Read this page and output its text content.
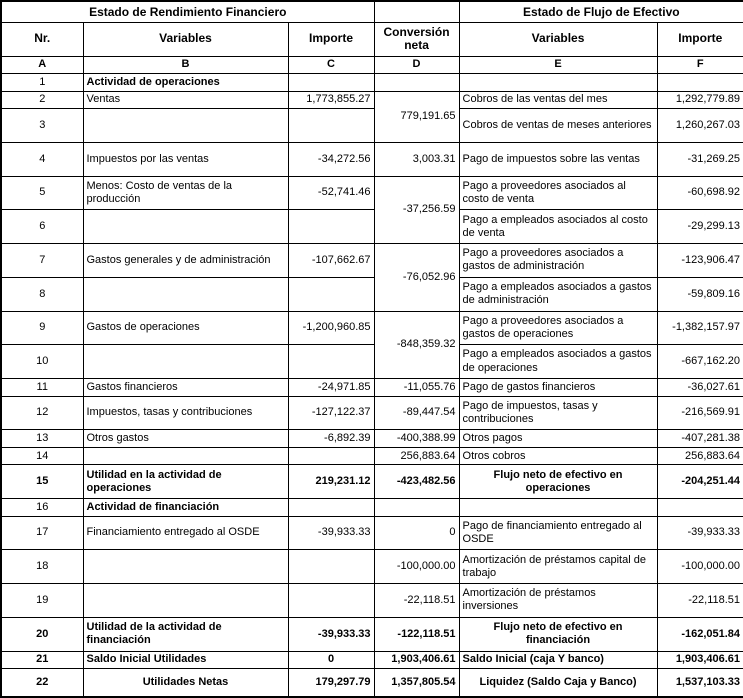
Estado de Rendimiento Financiero				Estado de Flujo de Efectivo	
Nr.	Variables	Importe	Conversión neta	Variables	Importe
A	B	C	D	E	F
1	Actividad de operaciones				
2	Ventas	1,773,855.27	779,191.65	Cobros de las ventas del mes	1,292,779.89
3				Cobros de ventas de meses anteriores	1,260,267.03
4	Impuestos por las ventas	-34,272.56	3,003.31	Pago de impuestos sobre las ventas	-31,269.25
5	Menos: Costo de ventas de la producción	-52,741.46	-37,256.59	Pago a proveedores asociados al costo de venta	-60,698.92
6				Pago a empleados asociados al costo de venta	-29,299.13
7	Gastos generales y de administración	-107,662.67	-76,052.96	Pago a proveedores asociados a gastos de administración	-123,906.47
8				Pago a empleados asociados a gastos de administración	-59,809.16
9	Gastos de operaciones	-1,200,960.85	-848,359.32	Pago a proveedores asociados a gastos de operaciones	-1,382,157.97
10				Pago a empleados asociados a gastos de operaciones	-667,162.20
11	Gastos financieros	-24,971.85	-11,055.76	Pago de gastos financieros	-36,027.61
12	Impuestos, tasas y contribuciones	-127,122.37	-89,447.54	Pago de impuestos, tasas y contribuciones	-216,569.91
13	Otros gastos	-6,892.39	-400,388.99	Otros pagos	-407,281.38
14			256,883.64	Otros cobros	256,883.64
15	Utilidad en la actividad de operaciones	219,231.12	-423,482.56	Flujo neto de efectivo en operaciones	-204,251.44
16	Actividad de financiación				
17	Financiamiento entregado al OSDE	-39,933.33	0	Pago de financiamiento entregado al OSDE	-39,933.33
18			-100,000.00	Amortización de préstamos capital de trabajo	-100,000.00
19			-22,118.51	Amortización de préstamos inversiones	-22,118.51
20	Utilidad de la actividad de financiación	-39,933.33	-122,118.51	Flujo neto de efectivo en financiación	-162,051.84
21	Saldo Inicial Utilidades	0	1,903,406.61	Saldo Inicial (caja Y banco)	1,903,406.61
22	Utilidades Netas	179,297.79	1,357,805.54	Liquidez (Saldo Caja y Banco)	1,537,103.33
